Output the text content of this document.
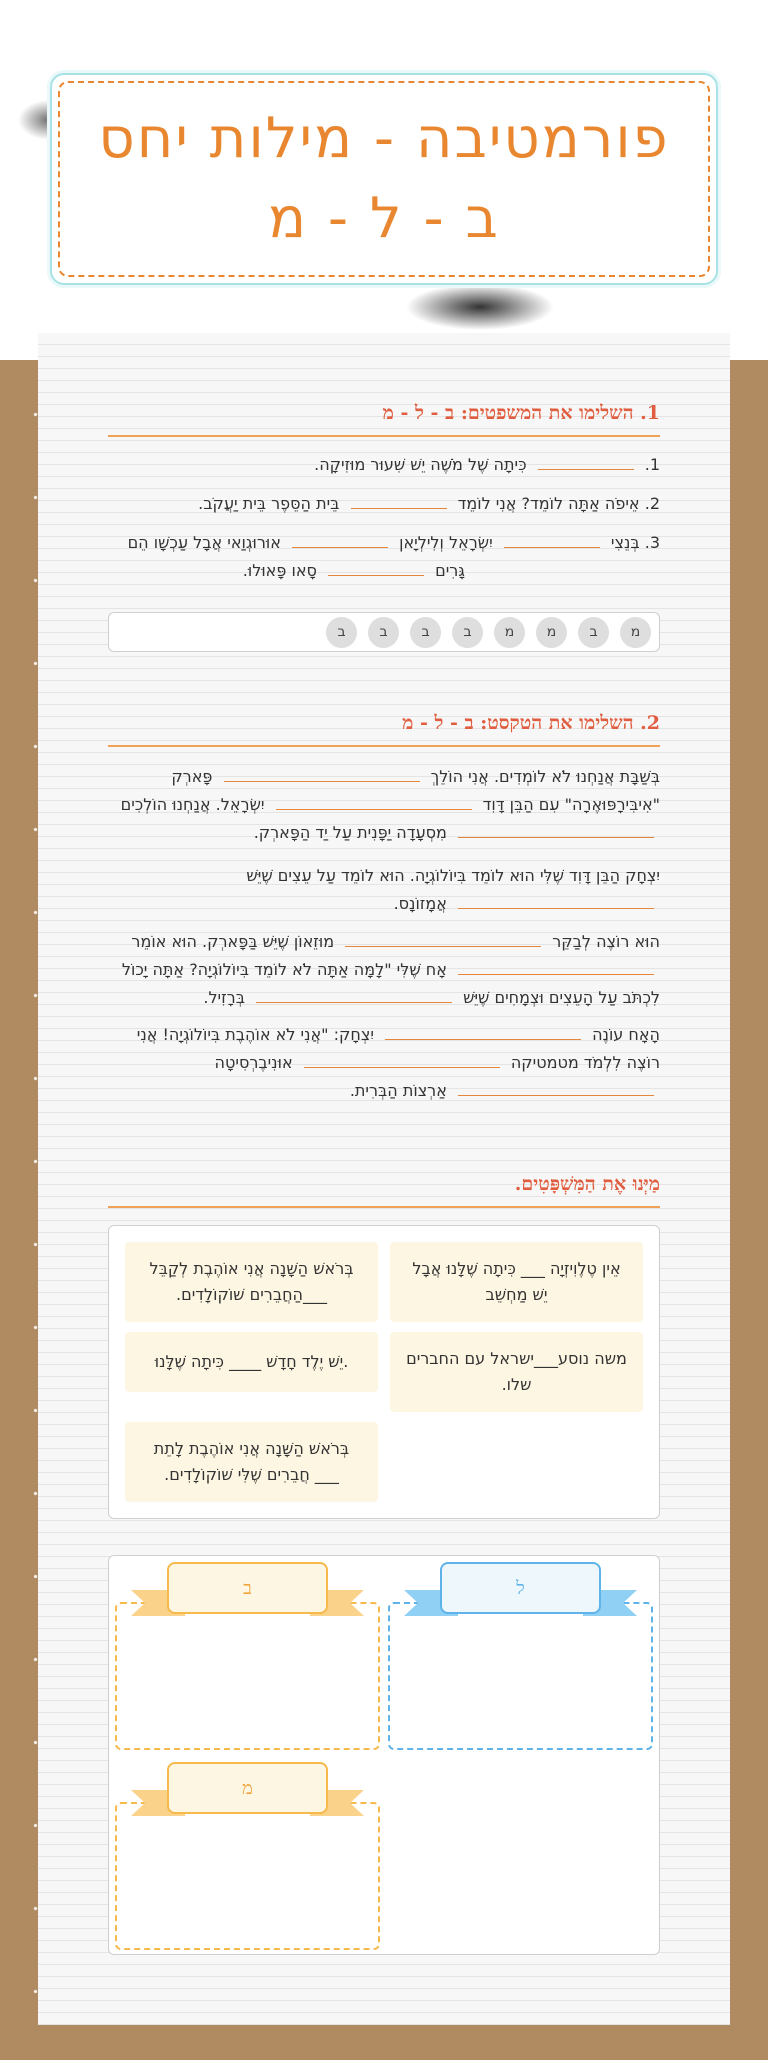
פורמטיבה - מילות יחס ב - ל - מ
1. השלימו את המשפטים: ב - ל - מ
1.  כִּיתָה שֶׁל מֹשֶׁה יֵשׁ שִׁעוּר מוּזִיקָה.
2. אֵיפֹה אַתָּה לוֹמֵד? אֲנִי לוֹמֵד  בֵּית הַסֵּפֶר בֵּית יַעֲקֹב.
3. בְּנֵצִי  יִשְׂרָאֵל וְלִילְיָאן  אוּרוּגְוַאי אֲבָל עַכְשָׁו הֵם
גָּרִים  סָאו פָּאוּלוּ.
מ
ב
מ
מ
ב
ב
ב
ב
2. השלימו את הטקסט: ב - ל - מ
בְּשַׁבָּת אֲנַחְנוּ לֹא לוֹמְדִים. אֲנִי הוֹלֵךְ  פָּארְק "אִיבִּירָפּוּאֶרָה" עִם הַבֵּן דָּוִד  יִשְׂרָאֵל. אֲנַחְנוּ הוֹלְכִים  מִסְעָדָה יַפָּנִית עַל יַד הַפָּארְק.
יִצְחָק הַבֵּן דָּוִד שֶׁלִּי הוּא לוֹמֵד בִּיוֹלוֹגְיָה. הוּא לוֹמֵד עַל עֵצִים שֶׁיֵּשׁ  אֲמָזוֹנָס.
הוּא רוֹצֶה לְבַקֵּר  מוּזֵאוֹן שֶׁיֵּשׁ בַּפָּארְק. הוּא אוֹמֵר  אָח שֶׁלִּי "לָמָּה אַתָּה לֹא לוֹמֵד בִּיוֹלוֹגְיָה? אַתָּה יָכוֹל לִכְתֹּב עַל הָעֵצִים וּצְמָחִים שֶׁיֵּשׁ  בְּרָזִיל.
הָאָח עוֹנֶה  יִצְחָק: "אֲנִי לֹא אוֹהֶבֶת בִּיוֹלוֹגְיָה! אֲנִי רוֹצֶה לִלְמֹד מטמטיקה  אוּנִיבֶרְסִיטָה  אַרְצוֹת הַבְּרִית.
מַיְּנוּ אֶת הַמִּשְׁפָּטִים.
אֵין טֶלֶוִיזְיָה ___ כִּיתָה שֶׁלָּנוּ אֲבָל יֵשׁ מַחְשֵׁב
בְּרֹאשׁ הַשָּׁנָה אֲנִי אוֹהֶבֶת לְקַבֵּל ___הַחֲבֵרִים שׁוֹקוֹלָדִים.
משה נוסע___ישראל עם החברים שלו.
.יֵשׁ יֶלֶד חָדָשׁ ____ כִּיתָה שֶׁלָּנוּ
בְּרֹאשׁ הַשָּׁנָה אֲנִי אוֹהֶבֶת לָתֵת ___ חֲבֵרִים שֶׁלִּי שׁוֹקוֹלָדִים.
ל
ב
מ
